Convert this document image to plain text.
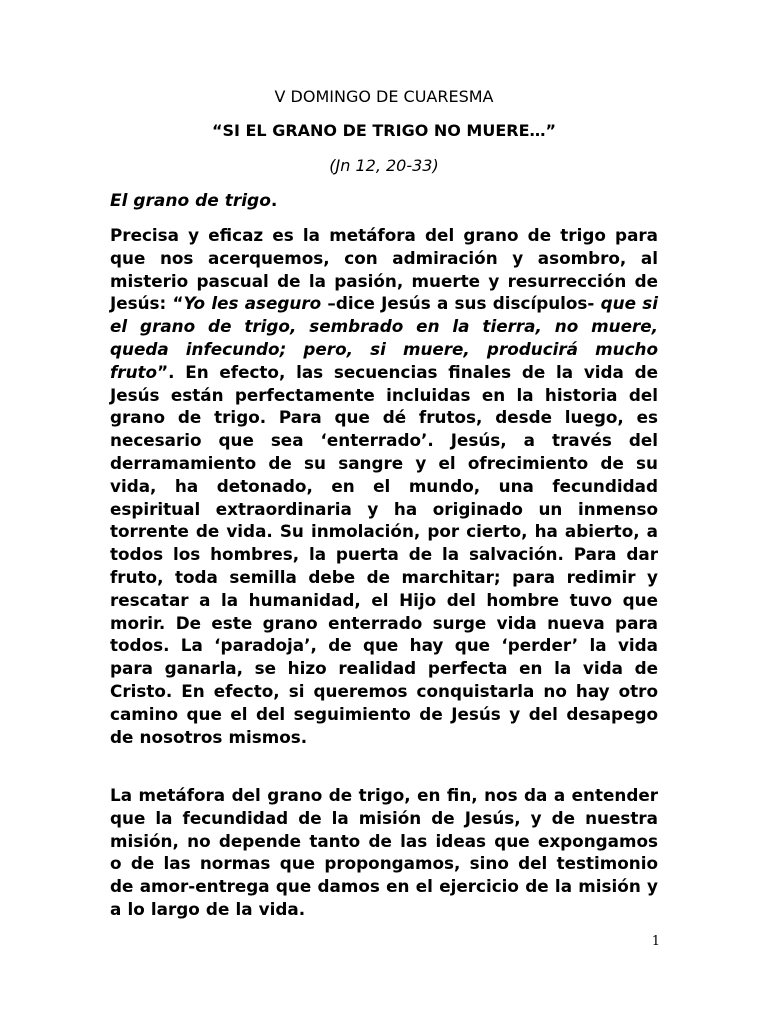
V DOMINGO DE CUARESMA

“SI EL GRANO DE TRIGO NO MUERE…”

(Jn 12, 20-33)

El grano de trigo.

Precisa y eficaz es la metáfora del grano de trigo para que nos acerquemos, con admiración y asombro, al misterio pascual de la pasión, muerte y resurrección de Jesús: “Yo les aseguro –dice Jesús a sus discípulos- que si el grano de trigo, sembrado en la tierra, no muere, queda infecundo; pero, si muere, producirá mucho fruto”. En efecto, las secuencias finales de la vida de Jesús están perfectamente incluidas en la historia del grano de trigo. Para que dé frutos, desde luego, es necesario que sea ‘enterrado’. Jesús, a través del derramamiento de su sangre y el ofrecimiento de su vida, ha detonado, en el mundo, una fecundidad espiritual extraordinaria y ha originado un inmenso torrente de vida. Su inmolación, por cierto, ha abierto, a todos los hombres, la puerta de la salvación. Para dar fruto, toda semilla debe de marchitar; para redimir y rescatar a la humanidad, el Hijo del hombre tuvo que morir. De este grano enterrado surge vida nueva para todos. La ‘paradoja’, de que hay que ‘perder’ la vida para ganarla, se hizo realidad perfecta en la vida de Cristo. En efecto, si queremos conquistarla no hay otro camino que el del seguimiento de Jesús y del desapego de nosotros mismos.

La metáfora del grano de trigo, en fin, nos da a entender que la fecundidad de la misión de Jesús, y de nuestra misión, no depende tanto de las ideas que expongamos o de las normas que propongamos, sino del testimonio de amor-entrega que damos en el ejercicio de la misión y a lo largo de la vida.

1
